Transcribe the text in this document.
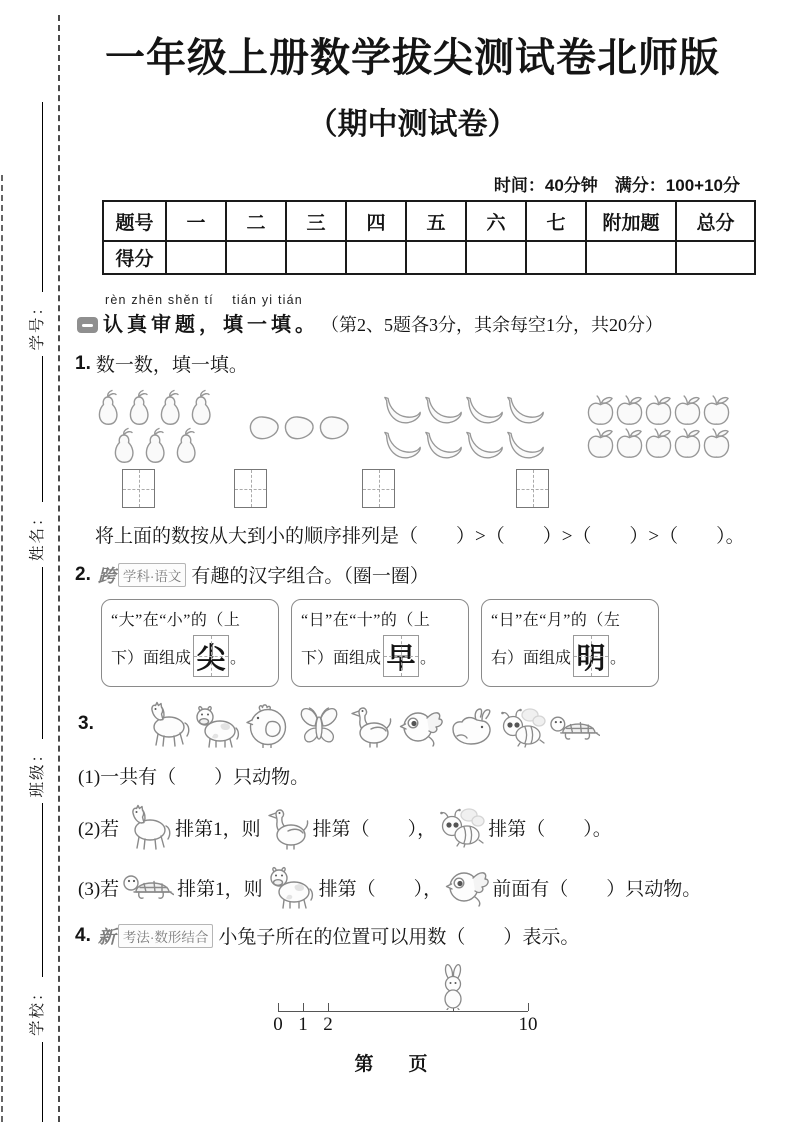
学校：
班级：
姓名：
学号：
一年级上册数学拔尖测试卷北师版
（期中测试卷）
时间：40分钟　满分：100+10分
题号	一	二	三	四	五	六	七	附加题	总分
得分									
rèn zhēn shěn tí　 tián yi tián
认真审题，填一填。 （第2、5题各3分，其余每空1分，共20分）
1. 数一数，填一填。
将上面的数按从大到小的顺序排列是（　　）>（　　）>（　　）>（　　）。
2. 跨 学科·语文 有趣的汉字组合。（圈一圈）
“大”在“小”的（上
下）面组成 尖 。
“日”在“十”的（上
下）面组成 早 。
“日”在“月”的（左
右）面组成 明 。
3.
(1)一共有（　　）只动物。
(2)若	排第1，则	排第（　　），	排第（　　）。
(3)若	排第1，则	排第（　　），	前面有（　　）只动物。
4. 新 考法·数形结合 小兔子所在的位置可以用数（　　）表示。
0 1 2	10
第　页
